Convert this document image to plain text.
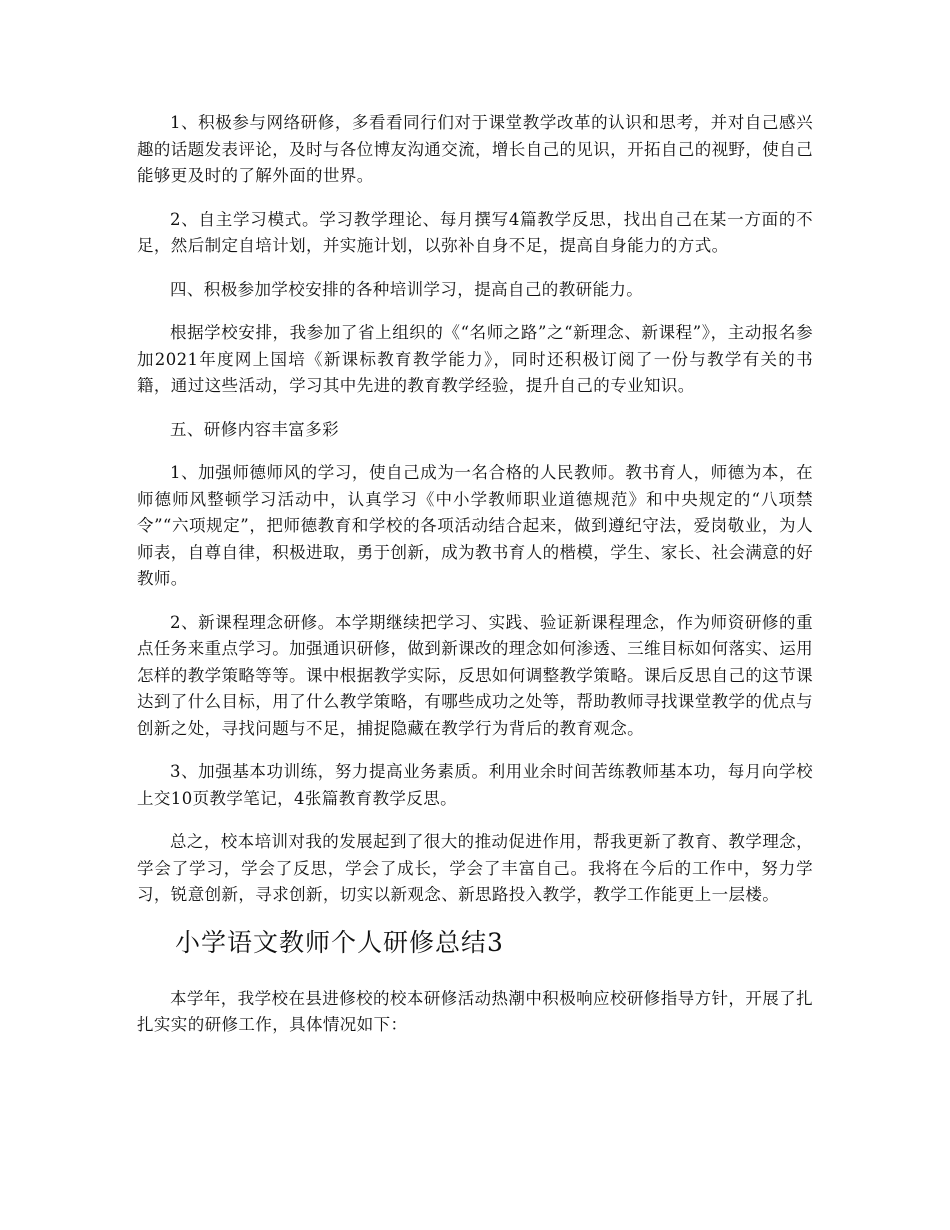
1、积极参与网络研修，多看看同行们对于课堂教学改革的认识和思考，并对自己感兴趣的话题发表评论，及时与各位博友沟通交流，增长自己的见识，开拓自己的视野，使自己能够更及时的了解外面的世界。

2、自主学习模式。学习教学理论、每月撰写4篇教学反思，找出自己在某一方面的不足，然后制定自培计划，并实施计划，以弥补自身不足，提高自身能力的方式。

四、积极参加学校安排的各种培训学习，提高自己的教研能力。

根据学校安排，我参加了省上组织的《“名师之路”之“新理念、新课程”》，主动报名参加2021年度网上国培《新课标教育教学能力》，同时还积极订阅了一份与教学有关的书籍，通过这些活动，学习其中先进的教育教学经验，提升自己的专业知识。

五、研修内容丰富多彩

1、加强师德师风的学习，使自己成为一名合格的人民教师。教书育人，师德为本，在师德师风整顿学习活动中，认真学习《中小学教师职业道德规范》和中央规定的“八项禁令”“六项规定”，把师德教育和学校的各项活动结合起来，做到遵纪守法，爱岗敬业，为人师表，自尊自律，积极进取，勇于创新，成为教书育人的楷模，学生、家长、社会满意的好教师。

2、新课程理念研修。本学期继续把学习、实践、验证新课程理念，作为师资研修的重点任务来重点学习。加强通识研修，做到新课改的理念如何渗透、三维目标如何落实、运用怎样的教学策略等等。课中根据教学实际，反思如何调整教学策略。课后反思自己的这节课达到了什么目标，用了什么教学策略，有哪些成功之处等，帮助教师寻找课堂教学的优点与创新之处，寻找问题与不足，捕捉隐藏在教学行为背后的教育观念。

3、加强基本功训练，努力提高业务素质。利用业余时间苦练教师基本功，每月向学校上交10页教学笔记，4张篇教育教学反思。

总之，校本培训对我的发展起到了很大的推动促进作用，帮我更新了教育、教学理念，学会了学习，学会了反思，学会了成长，学会了丰富自己。我将在今后的工作中，努力学习，锐意创新，寻求创新，切实以新观念、新思路投入教学，教学工作能更上一层楼。

小学语文教师个人研修总结3

本学年，我学校在县进修校的校本研修活动热潮中积极响应校研修指导方针，开展了扎扎实实的研修工作，具体情况如下：
